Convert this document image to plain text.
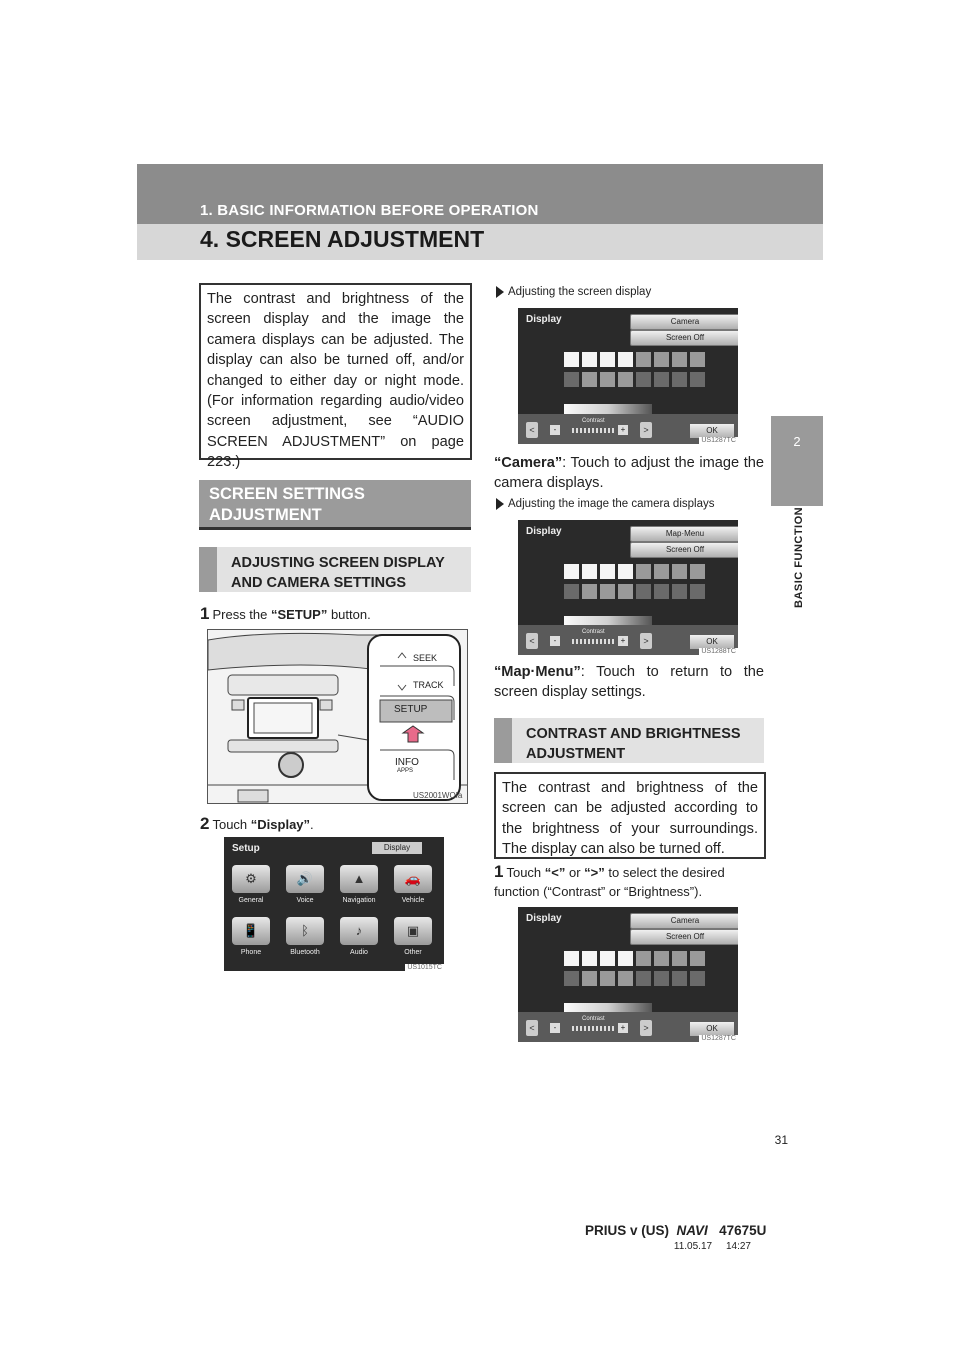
1. BASIC INFORMATION BEFORE OPERATION
4. SCREEN ADJUSTMENT
2
BASIC FUNCTION

The contrast and brightness of the screen display and the image the camera displays can be adjusted. The display can also be turned off, and/or changed to either day or night mode. (For information regarding audio/video screen adjustment, see “AUDIO SCREEN ADJUSTMENT” on page 223.)

SCREEN SETTINGS ADJUSTMENT
ADJUSTING SCREEN DISPLAY AND CAMERA SETTINGS
1 Press the “SETUP” button.
SEEK
TRACK
SETUP
INFO
APPS
US2001WOIa
2 Touch “Display”.
Setup	Display
⚙	🔊	▲	🚗
General	Voice	Navigation	Vehicle
📱	ᛒ	♪	▣
Phone	Bluetooth	Audio	Other
US1015TC
Adjusting the screen display
Display	Camera
Screen Off
<	-
Contrast
+	>	OK
US1287TC
“Camera”: Touch to adjust the image the camera displays.
Adjusting the image the camera displays
Display	Map·Menu
Screen Off
<	-
Contrast
+	>	OK
US1288TC
“Map·Menu”: Touch to return to the screen display settings.
CONTRAST AND BRIGHTNESS ADJUSTMENT

The contrast and brightness of the screen can be adjusted according to the brightness of your surroundings. The display can also be turned off.

1 Touch “<” or “>” to select the desired function (“Contrast” or “Brightness”).
Display	Camera
Screen Off
<	-
Contrast
+	>	OK
US1287TC
31
PRIUS v (US) NAVI 47675U
11.05.17     14:27
